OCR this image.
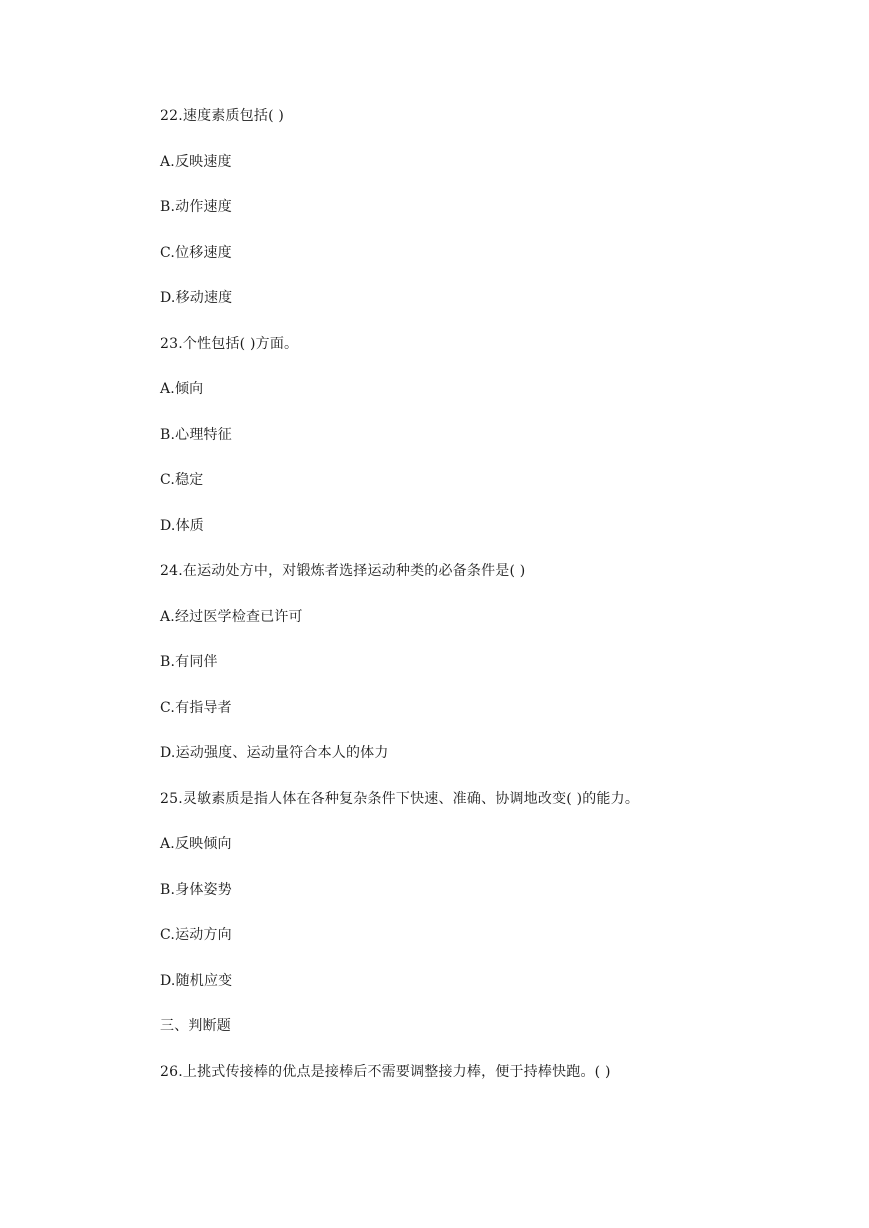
22.速度素质包括( )
A.反映速度
B.动作速度
C.位移速度
D.移动速度
23.个性包括( )方面。
A.倾向
B.心理特征
C.稳定
D.体质
24.在运动处方中，对锻炼者选择运动种类的必备条件是( )
A.经过医学检查已许可
B.有同伴
C.有指导者
D.运动强度、运动量符合本人的体力
25.灵敏素质是指人体在各种复杂条件下快速、准确、协调地改变( )的能力。
A.反映倾向
B.身体姿势
C.运动方向
D.随机应变
三、判断题
26.上挑式传接棒的优点是接棒后不需要调整接力棒，便于持棒快跑。( )
